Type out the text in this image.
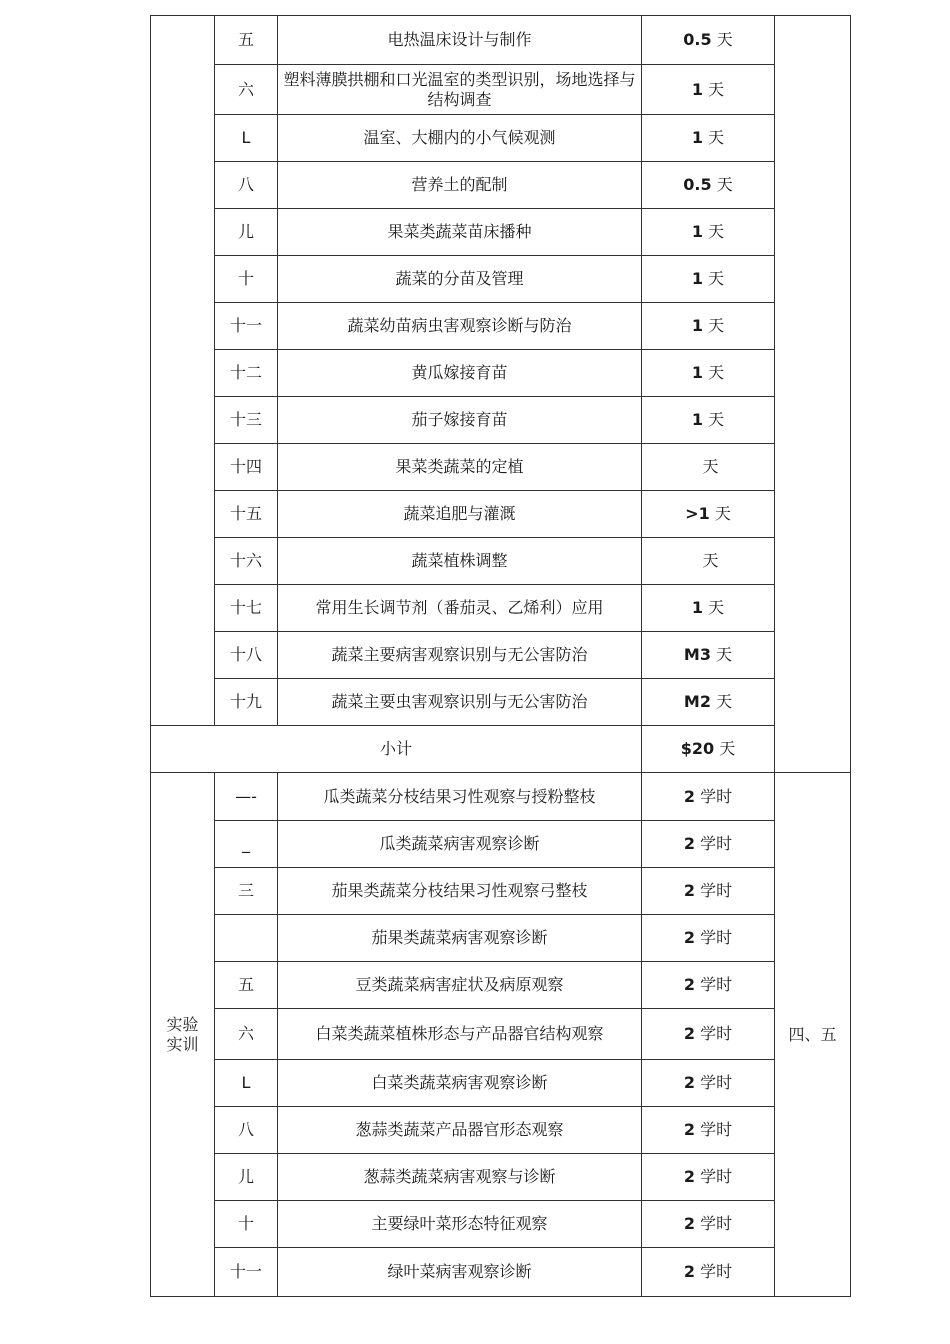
	五	电热温床设计与制作	0.5 天	
	六	塑料薄膜拱棚和口光温室的类型识别，场地选择与结构调查	1 天	
	L	温室、大棚内的小气候观测	1 天	
	八	营养土的配制	0.5 天	
	儿	果菜类蔬菜苗床播种	1 天	
	十	蔬菜的分苗及管理	1 天	
	十一	蔬菜幼苗病虫害观察诊断与防治	1 天	
	十二	黄瓜嫁接育苗	1 天	
	十三	茄子嫁接育苗	1 天	
	十四	果菜类蔬菜的定植	天	
	十五	蔬菜追肥与灌溉	>1 天	
	十六	蔬菜植株调整	天	
	十七	常用生长调节剂（番茄灵、乙烯利）应用	1 天	
	十八	蔬菜主要病害观察识别与无公害防治	M3 天	
	十九	蔬菜主要虫害观察识别与无公害防治	M2 天	
小计			$20 天	

实验
实训	—-	瓜类蔬菜分枝结果习性观察与授粉整枝	2 学时	四、五
	_	瓜类蔬菜病害观察诊断	2 学时	
	三	茄果类蔬菜分枝结果习性观察弓整枝	2 学时	
		茄果类蔬菜病害观察诊断	2 学时	
	五	豆类蔬菜病害症状及病原观察	2 学时	
	六	白菜类蔬菜植株形态与产品器官结构观察	2 学时	
	L	白菜类蔬菜病害观察诊断	2 学时	
	八	葱蒜类蔬菜产品器官形态观察	2 学时	
	儿	葱蒜类蔬菜病害观察与诊断	2 学时	
	十	主要绿叶菜形态特征观察	2 学时	
	十一	绿叶菜病害观察诊断	2 学时	
